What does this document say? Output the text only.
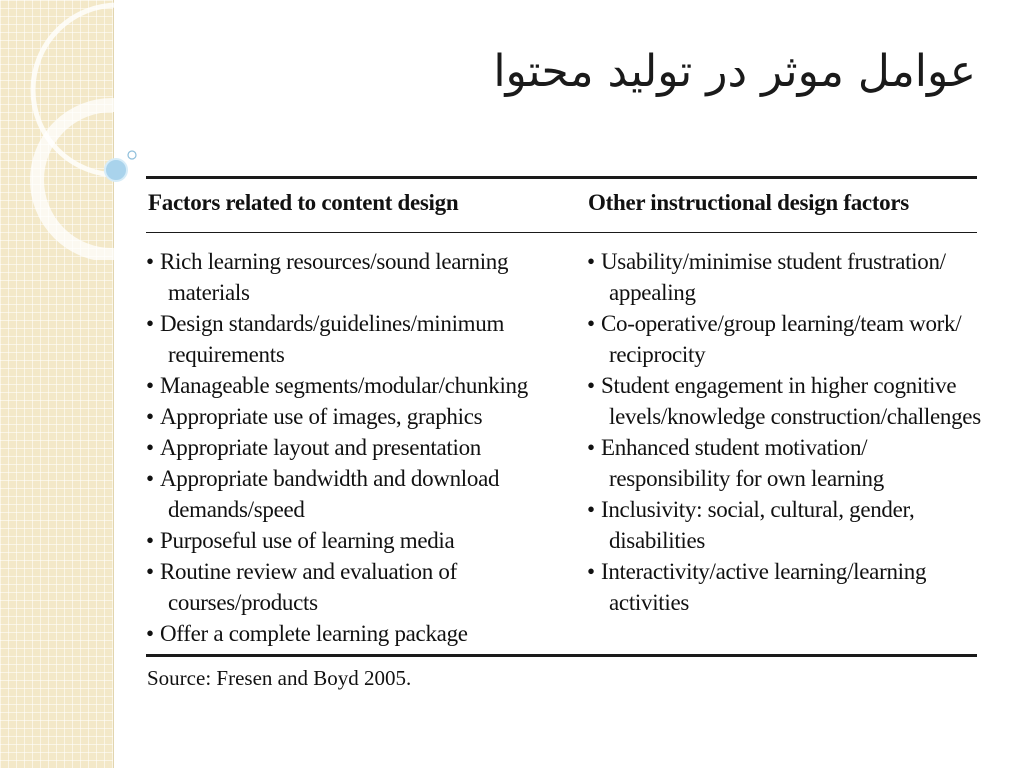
عوامل موثر در تولید محتوا
Factors related to content design	Other instructional design factors

• Rich learning resources/sound learning materials

• Design standards/guidelines/minimum requirements

• Manageable segments/modular/chunking

• Appropriate use of images, graphics

• Appropriate layout and presentation

• Appropriate bandwidth and download demands/speed

• Purposeful use of learning media

• Routine review and evaluation of courses/products

• Offer a complete learning package

• Usability/minimise student frustration/ appealing

• Co-operative/group learning/team work/ reciprocity

• Student engagement in higher cognitive levels/knowledge construction/challenges

• Enhanced student motivation/ responsibility for own learning

• Inclusivity: social, cultural, gender, disabilities

• Interactivity/active learning/learning activities

Source: Fresen and Boyd 2005.
